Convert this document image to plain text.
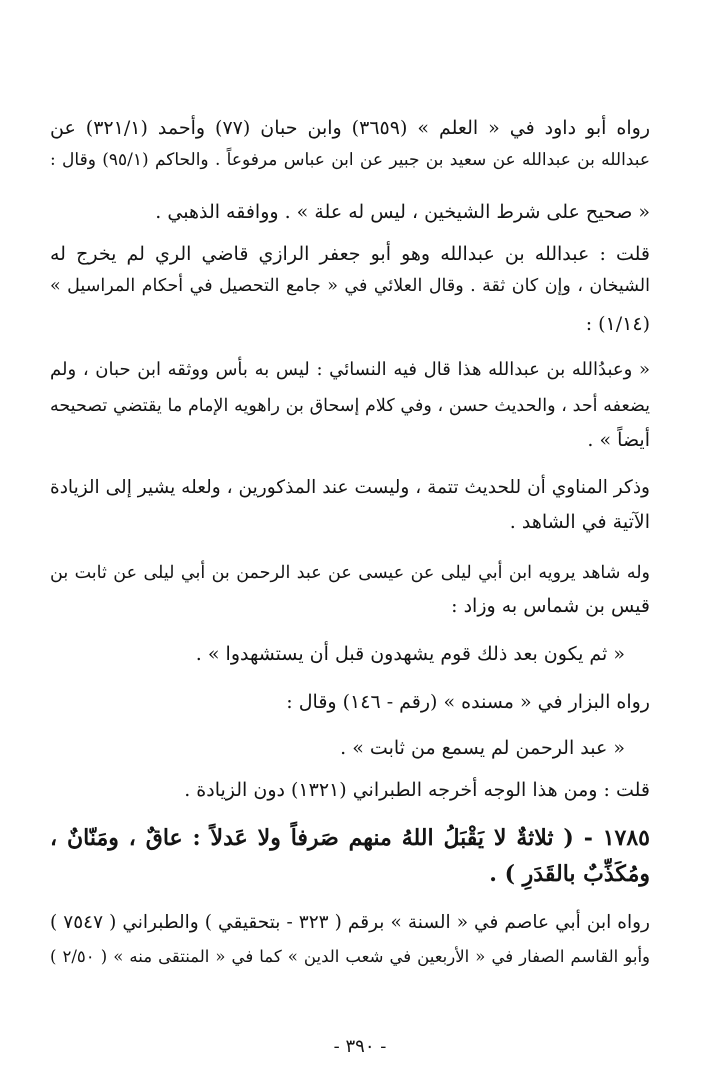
رواه أبو داود في « العلم » (٣٦٥٩) وابن حبان (٧٧) وأحمد (٣٢١/١) عن
عبدالله بن عبدالله عن سعيد بن جبير عن ابن عباس مرفوعاً . والحاكم (٩٥/١) وقال :
« صحيح على شرط الشيخين ، ليس له علة » . ووافقه الذهبي .
قلت : عبدالله بن عبدالله وهو أبو جعفر الرازي قاضي الري لم يخرج له
الشيخان ، وإن كان ثقة . وقال العلائي في « جامع التحصيل في أحكام المراسيل »
(١/١٤) :
« وعبدُالله بن عبدالله هذا قال فيه النسائي : ليس به بأس ووثقه ابن حبان ، ولم
يضعفه أحد ، والحديث حسن ، وفي كلام إسحاق بن راهويه الإمام ما يقتضي تصحيحه
أيضاً » .
وذكر المناوي أن للحديث تتمة ، وليست عند المذكورين ، ولعله يشير إلى الزيادة
الآتية في الشاهد .
وله شاهد يرويه ابن أبي ليلى عن عيسى عن عبد الرحمن بن أبي ليلى عن ثابت بن
قيس بن شماس به وزاد :
« ثم يكون بعد ذلك قوم يشهدون قبل أن يستشهدوا » .
رواه البزار في « مسنده » (رقم - ١٤٦) وقال :
« عبد الرحمن لم يسمع من ثابت » .
قلت : ومن هذا الوجه أخرجه الطبراني (١٣٢١) دون الزيادة .
١٧٨٥ - ( ثلاثةٌ لا يَقْبَلُ اللهُ منهم صَرفاً ولا عَدلاً : عاقٌ ، ومَنّانٌ ،
ومُكَذِّبٌ بالقَدَرِ ) .
رواه ابن أبي عاصم في « السنة » برقم ( ٣٢٣ - بتحقيقي ) والطبراني ( ٧٥٤٧ )
وأبو القاسم الصفار في « الأربعين في شعب الدين » كما في « المنتقى منه » ( ٢/٥٠ )
- ٣٩٠ -
